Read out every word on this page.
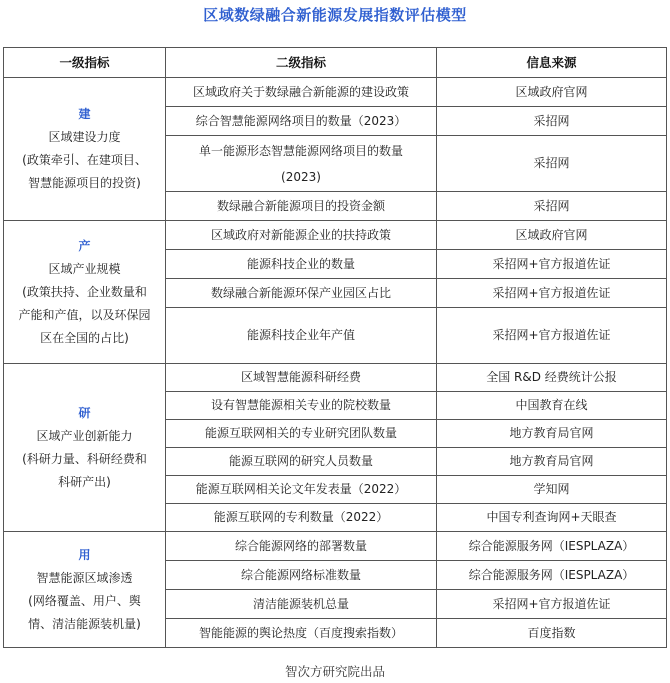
区域数绿融合新能源发展指数评估模型
一级指标	二级指标	信息来源

建
区域建设力度
(政策牵引、在建项目、
智慧能源项目的投资)	区域政府关于数绿融合新能源的建设政策	区域政府官网
	综合智慧能源网络项目的数量（2023）	采招网

	单一能源形态智慧能源网络项目的数量
(2023)	采招网
	数绿融合新能源项目的投资金额	采招网

产
区域产业规模
(政策扶持、企业数量和
产能和产值，以及环保园
区在全国的占比)	区域政府对新能源企业的扶持政策	区域政府官网
	能源科技企业的数量	采招网+官方报道佐证
	数绿融合新能源环保产业园区占比	采招网+官方报道佐证
	能源科技企业年产值	采招网+官方报道佐证

研
区域产业创新能力
(科研力量、科研经费和
科研产出)	区域智慧能源科研经费	全国 R&D 经费统计公报
	设有智慧能源相关专业的院校数量	中国教育在线
	能源互联网相关的专业研究团队数量	地方教育局官网
	能源互联网的研究人员数量	地方教育局官网
	能源互联网相关论文年发表量（2022）	学知网
	能源互联网的专利数量（2022）	中国专利查询网+天眼查

用
智慧能源区域渗透
(网络覆盖、用户、舆
情、清洁能源装机量)	综合能源网络的部署数量	综合能源服务网（IESPLAZA）
	综合能源网络标准数量	综合能源服务网（IESPLAZA）
	清洁能源装机总量	采招网+官方报道佐证
	智能能源的舆论热度（百度搜索指数）	百度指数
智次方研究院出品
